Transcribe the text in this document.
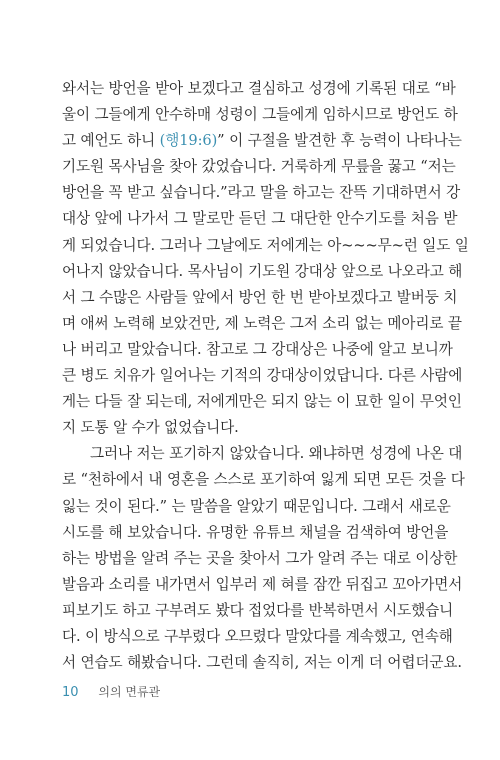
와서는 방언을 받아 보겠다고 결심하고 성경에 기록된 대로 “바
울이 그들에게 안수하매 성령이 그들에게 임하시므로 방언도 하
고 예언도 하니 (행19:6)” 이 구절을 발견한 후 능력이 나타나는
기도원 목사님을 찾아 갔었습니다. 거룩하게 무릎을 꿇고 “저는
방언을 꼭 받고 싶습니다.”라고 말을 하고는 잔뜩 기대하면서 강
대상 앞에 나가서 그 말로만 듣던 그 대단한 안수기도를 처음 받
게 되었습니다. 그러나 그날에도 저에게는 아~~~무~런 일도 일
어나지 않았습니다. 목사님이 기도원 강대상 앞으로 나오라고 해
서 그 수많은 사람들 앞에서 방언 한 번 받아보겠다고 발버둥 치
며 애써 노력해 보았건만, 제 노력은 그저 소리 없는 메아리로 끝
나 버리고 말았습니다. 참고로 그 강대상은 나중에 알고 보니까
큰 병도 치유가 일어나는 기적의 강대상이었답니다. 다른 사람에
게는 다들 잘 되는데, 저에게만은 되지 않는 이 묘한 일이 무엇인
지 도통 알 수가 없었습니다.
그러나 저는 포기하지 않았습니다. 왜냐하면 성경에 나온 대
로 “천하에서 내 영혼을 스스로 포기하여 잃게 되면 모든 것을 다
잃는 것이 된다.” 는 말씀을 알았기 때문입니다. 그래서 새로운
시도를 해 보았습니다. 유명한 유튜브 채널을 검색하여 방언을
하는 방법을 알려 주는 곳을 찾아서 그가 알려 주는 대로 이상한
발음과 소리를 내가면서 입부러 제 혀를 잠깐 뒤집고 꼬아가면서
피보기도 하고 구부려도 봤다 접었다를 반복하면서 시도했습니
다. 이 방식으로 구부렸다 오므렸다 말았다를 계속했고, 연속해
서 연습도 해봤습니다. 그런데 솔직히, 저는 이게 더 어렵더군요.
10 의의 면류관
